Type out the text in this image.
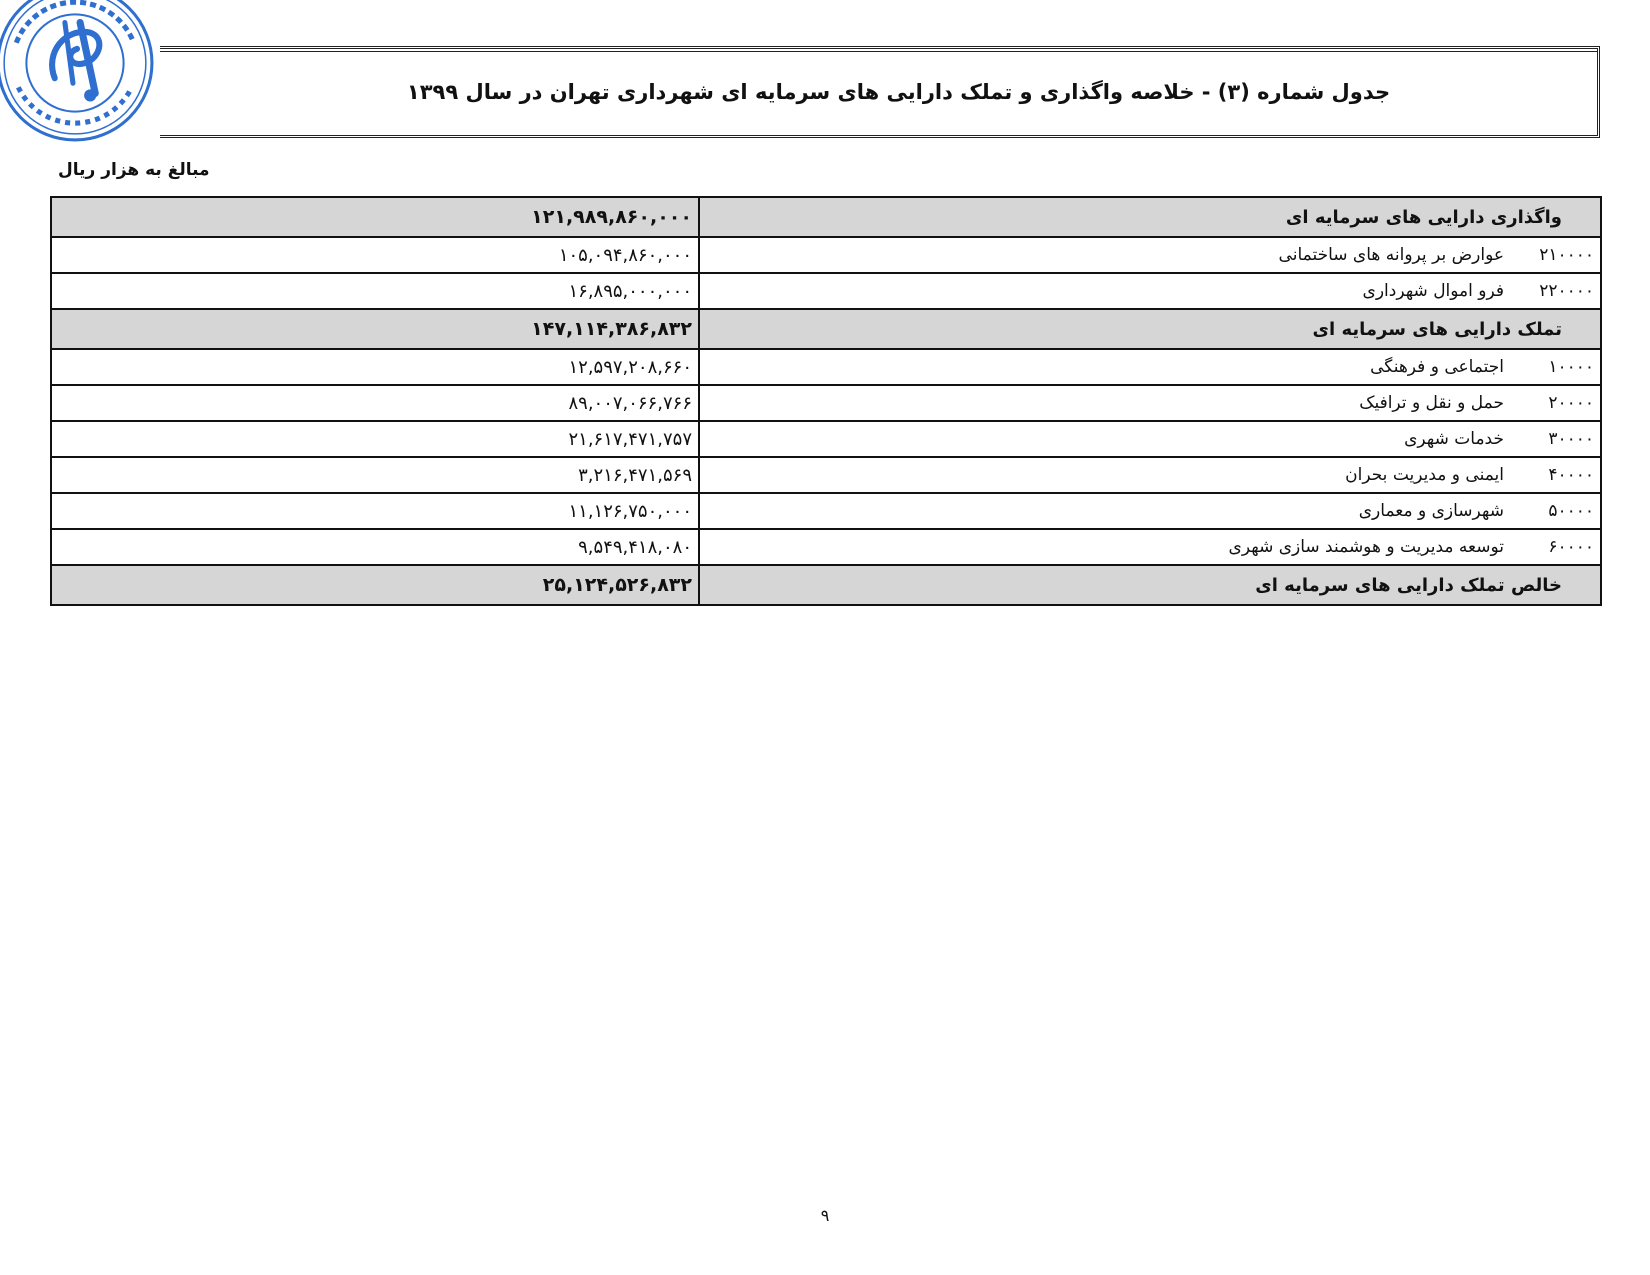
جدول شماره (۳) - خلاصه واگذاری و تملک دارایی های سرمایه ای شهرداری تهران در سال ۱۳۹۹
مبالغ به هزار ریال
۱۲۱,۹۸۹,۸۶۰,۰۰۰	واگذاری دارایی های سرمایه ای

۱۰۵,۰۹۴,۸۶۰,۰۰۰	۲۱۰۰۰۰
عوارض بر پروانه های ساختمانی

۱۶,۸۹۵,۰۰۰,۰۰۰	۲۲۰۰۰۰
فرو اموال شهرداری

۱۴۷,۱۱۴,۳۸۶,۸۳۲	تملک دارایی های سرمایه ای

۱۲,۵۹۷,۲۰۸,۶۶۰	۱۰۰۰۰
اجتماعی و فرهنگی

۸۹,۰۰۷,۰۶۶,۷۶۶	۲۰۰۰۰
حمل و نقل و ترافیک

۲۱,۶۱۷,۴۷۱,۷۵۷	۳۰۰۰۰
خدمات شهری

۳,۲۱۶,۴۷۱,۵۶۹	۴۰۰۰۰
ایمنی و مدیریت بحران

۱۱,۱۲۶,۷۵۰,۰۰۰	۵۰۰۰۰
شهرسازی و معماری

۹,۵۴۹,۴۱۸,۰۸۰	۶۰۰۰۰
توسعه مدیریت و هوشمند سازی شهری

۲۵,۱۲۴,۵۲۶,۸۳۲	خالص تملک دارایی های سرمایه ای
۹
